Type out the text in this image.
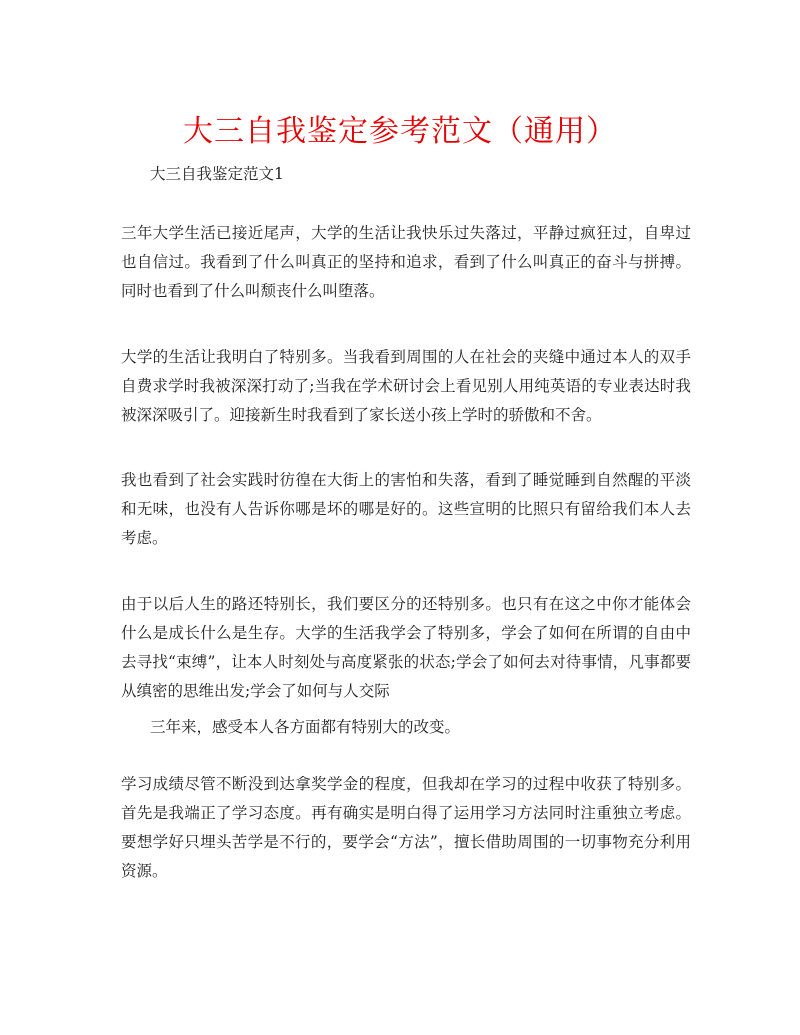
大三自我鉴定参考范文（通用）

大三自我鉴定范文1

三年大学生活已接近尾声，大学的生活让我快乐过失落过，平静过疯狂过，自卑过也自信过。我看到了什么叫真正的坚持和追求，看到了什么叫真正的奋斗与拼搏。同时也看到了什么叫颓丧什么叫堕落。

大学的生活让我明白了特别多。当我看到周围的人在社会的夹缝中通过本人的双手自费求学时我被深深打动了;当我在学术研讨会上看见别人用纯英语的专业表达时我被深深吸引了。迎接新生时我看到了家长送小孩上学时的骄傲和不舍。

我也看到了社会实践时彷徨在大街上的害怕和失落，看到了睡觉睡到自然醒的平淡和无味，也没有人告诉你哪是坏的哪是好的。这些宣明的比照只有留给我们本人去考虑。

由于以后人生的路还特别长，我们要区分的还特别多。也只有在这之中你才能体会什么是成长什么是生存。大学的生活我学会了特别多，学会了如何在所谓的自由中去寻找“束缚”，让本人时刻处与高度紧张的状态;学会了如何去对待事情，凡事都要从缜密的思维出发;学会了如何与人交际

三年来，感受本人各方面都有特别大的改变。

学习成绩尽管不断没到达拿奖学金的程度，但我却在学习的过程中收获了特别多。首先是我端正了学习态度。再有确实是明白得了运用学习方法同时注重独立考虑。要想学好只埋头苦学是不行的，要学会“方法”，擅长借助周围的一切事物充分利用资源。
